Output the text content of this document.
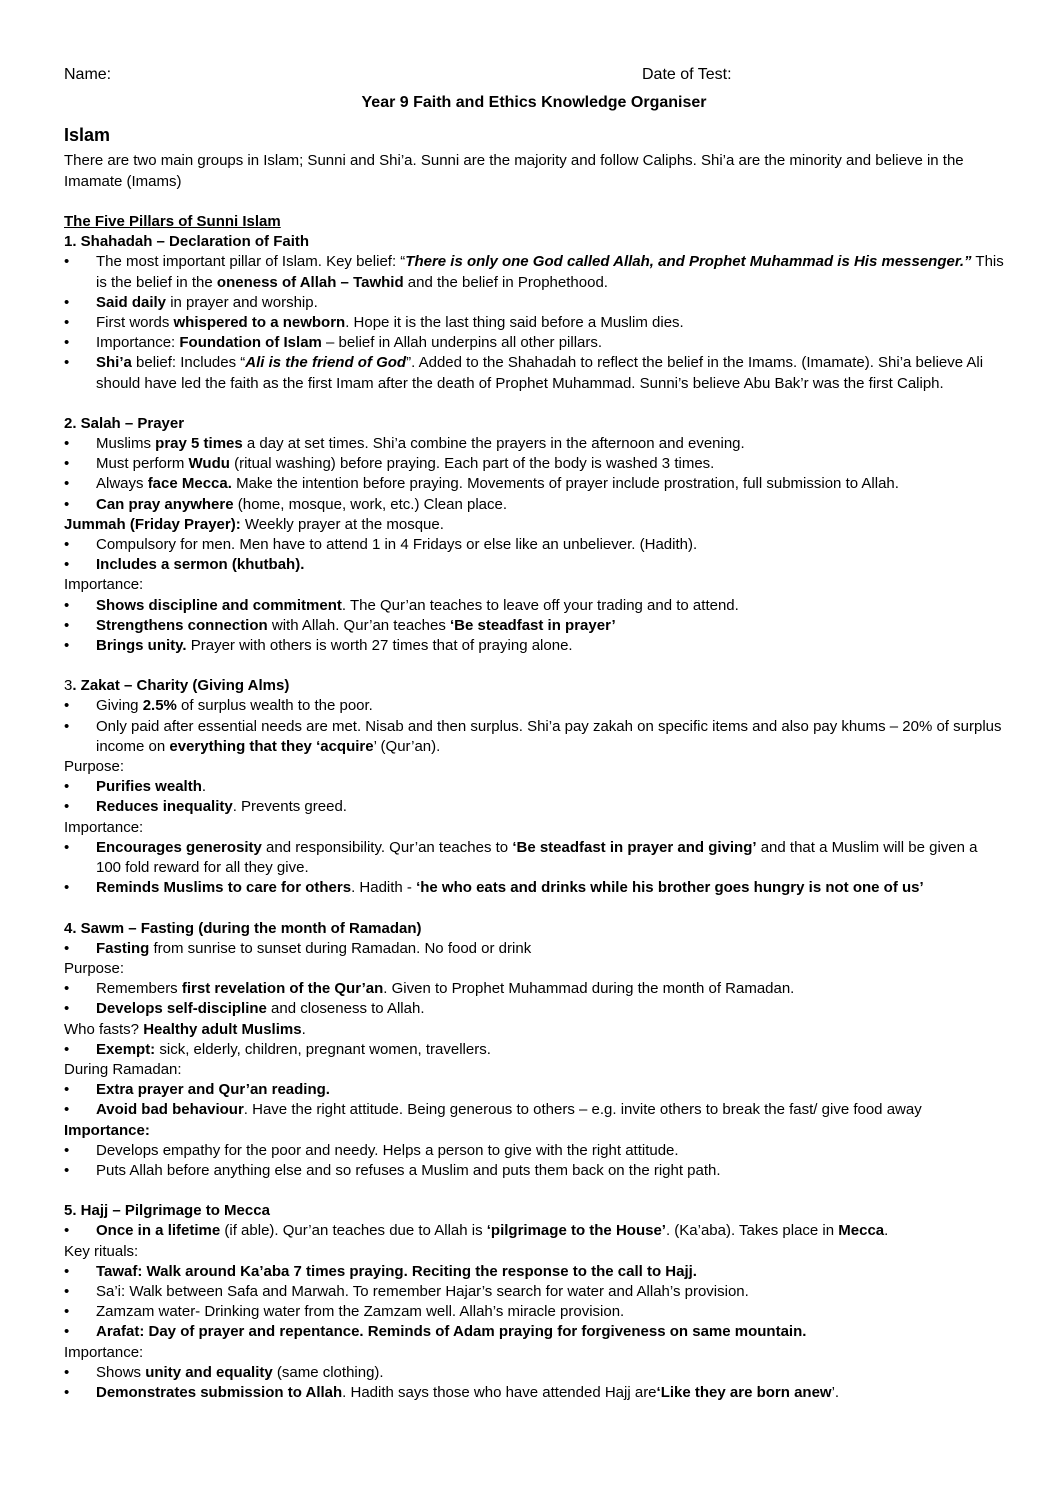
Name:	Date of Test:
Year 9 Faith and Ethics Knowledge Organiser
Islam
There are two main groups in Islam; Sunni and Shi’a. Sunni are the majority and follow Caliphs. Shi’a are the minority and believe in the Imamate (Imams)
The Five Pillars of Sunni Islam
1. Shahadah – Declaration of Faith
• The most important pillar of Islam. Key belief: “There is only one God called Allah, and Prophet Muhammad is His messenger.” This is the belief in the oneness of Allah – Tawhid and the belief in Prophethood.
• Said daily in prayer and worship.
• First words whispered to a newborn. Hope it is the last thing said before a Muslim dies.
• Importance: Foundation of Islam – belief in Allah underpins all other pillars.
• Shi’a belief: Includes “Ali is the friend of God”. Added to the Shahadah to reflect the belief in the Imams. (Imamate). Shi’a believe Ali should have led the faith as the first Imam after the death of Prophet Muhammad. Sunni’s believe Abu Bak’r was the first Caliph.
2. Salah – Prayer
• Muslims pray 5 times a day at set times. Shi’a combine the prayers in the afternoon and evening.
• Must perform Wudu (ritual washing) before praying. Each part of the body is washed 3 times.
• Always face Mecca. Make the intention before praying. Movements of prayer include prostration, full submission to Allah.
• Can pray anywhere (home, mosque, work, etc.) Clean place.
Jummah (Friday Prayer): Weekly prayer at the mosque.
• Compulsory for men. Men have to attend 1 in 4 Fridays or else like an unbeliever. (Hadith).
• Includes a sermon (khutbah).
Importance:
• Shows discipline and commitment. The Qur’an teaches to leave off your trading and to attend.
• Strengthens connection with Allah. Qur’an teaches ‘Be steadfast in prayer’
• Brings unity. Prayer with others is worth 27 times that of praying alone.
3. Zakat – Charity (Giving Alms)
• Giving 2.5% of surplus wealth to the poor.
• Only paid after essential needs are met. Nisab and then surplus. Shi’a pay zakah on specific items and also pay khums – 20% of surplus income on everything that they ‘acquire’ (Qur’an).
Purpose:
• Purifies wealth.
• Reduces inequality. Prevents greed.
Importance:
• Encourages generosity and responsibility. Qur’an teaches to ‘Be steadfast in prayer and giving’ and that a Muslim will be given a 100 fold reward for all they give.
• Reminds Muslims to care for others. Hadith - ‘he who eats and drinks while his brother goes hungry is not one of us’
4. Sawm – Fasting (during the month of Ramadan)
• Fasting from sunrise to sunset during Ramadan. No food or drink
Purpose:
• Remembers first revelation of the Qur’an. Given to Prophet Muhammad during the month of Ramadan.
• Develops self-discipline and closeness to Allah.
Who fasts? Healthy adult Muslims.
• Exempt: sick, elderly, children, pregnant women, travellers.
During Ramadan:
• Extra prayer and Qur’an reading.
• Avoid bad behaviour. Have the right attitude. Being generous to others – e.g. invite others to break the fast/ give food away
Importance:
• Develops empathy for the poor and needy. Helps a person to give with the right attitude.
• Puts Allah before anything else and so refuses a Muslim and puts them back on the right path.
5. Hajj – Pilgrimage to Mecca
• Once in a lifetime (if able). Qur’an teaches due to Allah is ‘pilgrimage to the House’. (Ka’aba). Takes place in Mecca.
Key rituals:
• Tawaf: Walk around Ka’aba 7 times praying. Reciting the response to the call to Hajj.
• Sa’i: Walk between Safa and Marwah. To remember Hajar’s search for water and Allah’s provision.
• Zamzam water- Drinking water from the Zamzam well. Allah’s miracle provision.
• Arafat: Day of prayer and repentance. Reminds of Adam praying for forgiveness on same mountain.
Importance:
• Shows unity and equality (same clothing).
• Demonstrates submission to Allah. Hadith says those who have attended Hajj are‘Like they are born anew’.
